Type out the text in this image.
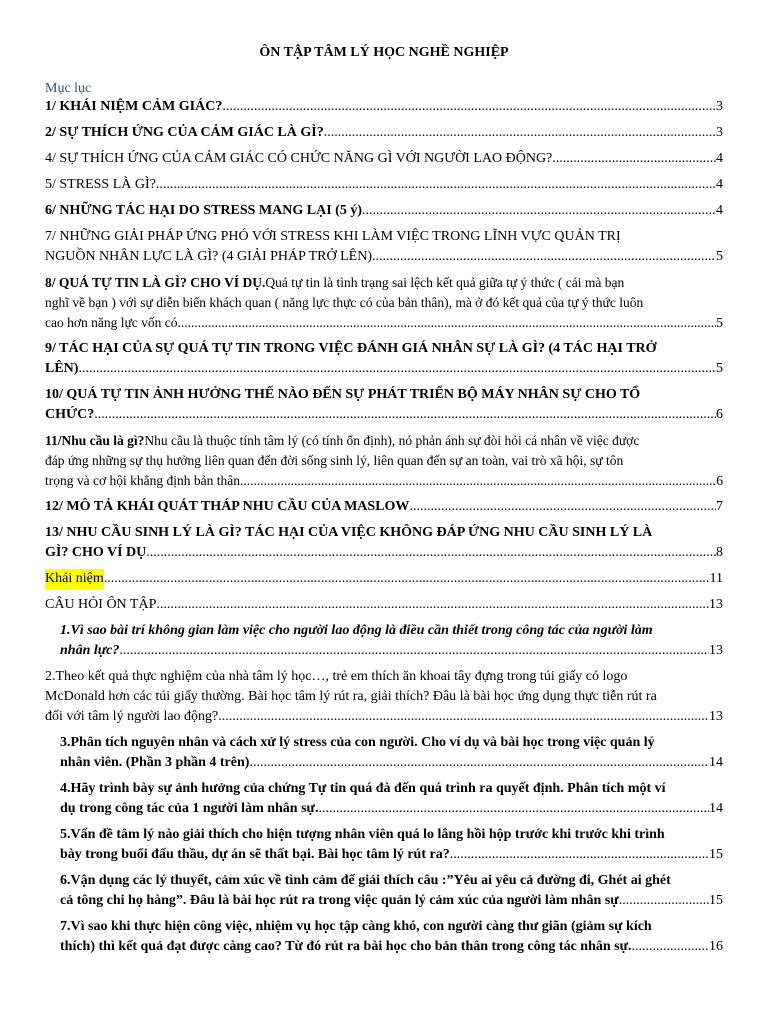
ÔN TẬP TÂM LÝ HỌC NGHỀ NGHIỆP
Mục lục
1/ KHÁI NIỆM CẢM GIÁC? .....	3
2/ SỰ THÍCH ỨNG CỦA CẢM GIÁC LÀ GÌ? .....	3
4/ SỰ THÍCH ỨNG CỦA CẢM GIÁC CÓ CHỨC NĂNG GÌ VỚI NGƯỜI LAO ĐỘNG? .....	4
5/ STRESS LÀ GÌ? .....	4
6/ NHỮNG TÁC HẠI DO STRESS MANG LẠI (5 ý) .....	4
7/ NHỮNG GIẢI PHÁP ỨNG PHÓ VỚI STRESS KHI LÀM VIỆC TRONG LĨNH VỰC QUẢN TRỊ
NGUỒN NHÂN LỰC LÀ GÌ? (4 GIẢI PHÁP TRỞ LÊN) .....	5
8/ QUÁ TỰ TIN LÀ GÌ? CHO VÍ DỤ. Quá tự tin là tình trạng sai lệch kết quả giữa tự ý thức ( cái mà bạn
nghĩ về bạn ) với sự diễn biến khách quan ( năng lực thực có của bản thân), mà ở đó kết quả của tự ý thức luôn
cao hơn năng lực vốn có .....	5
9/ TÁC HẠI CỦA SỰ QUÁ TỰ TIN TRONG VIỆC ĐÁNH GIÁ NHÂN SỰ LÀ GÌ? (4 TÁC HẠI TRỞ
LÊN) .....	5
10/ QUÁ TỰ TIN ẢNH HƯỞNG THẾ NÀO ĐẾN SỰ PHÁT TRIỂN BỘ MÁY NHÂN SỰ CHO TỔ
CHỨC? .....	6
11/Nhu cầu là gì? Nhu cầu là thuộc tính tâm lý (có tính ổn định), nó phản ánh sự đòi hỏi cá nhân về việc được
đáp ứng những sự thụ hưởng liên quan đến đời sống sinh lý, liên quan đến sự an toàn, vai trò xã hội, sự tôn
trọng và cơ hội khẳng định bản thân .....	6
12/ MÔ TẢ KHÁI QUÁT THÁP NHU CẦU CỦA MASLOW .....	7
13/ NHU CẦU SINH LÝ LÀ GÌ? TÁC HẠI CỦA VIỆC KHÔNG ĐÁP ỨNG NHU CẦU SINH LÝ LÀ
GÌ? CHO VÍ DỤ .....	8
Khái niệm .....	11
CÂU HỎI ÔN TẬP .....	13
1.Vì sao bài trí không gian làm việc cho người lao động là điều cần thiết trong công tác của người làm
nhân lực? .....	13
2.Theo kết quả thực nghiệm của nhà tâm lý học…, trẻ em thích ăn khoai tây đựng trong túi giấy có logo
McDonald hơn các túi giấy thường. Bài học tâm lý rút ra, giải thích? Đâu là bài học ứng dụng thực tiễn rút ra
đối với tâm lý người lao động? .....	13
3.Phân tích nguyên nhân và cách xử lý stress của con người. Cho ví dụ và bài học trong việc quản lý
nhân viên. (Phần 3 phần 4 trên) .....	14
4.Hãy trình bày sự ảnh hưởng của chứng Tự tin quá đà đến quá trình ra quyết định. Phân tích một ví
dụ trong công tác của 1 người làm nhân sự. .....	14
5.Vấn đề tâm lý nào giải thích cho hiện tượng nhân viên quá lo lắng hồi hộp trước khi trước khi trình
bày trong buổi đấu thầu, dự án sẽ thất bại. Bài học tâm lý rút ra? .....	15
6.Vận dụng các lý thuyết, cảm xúc về tình cảm để giải thích câu :”Yêu ai yêu cả đường đi, Ghét ai ghét
cả tông chi họ hàng”. Đâu là bài học rút ra trong việc quản lý cảm xúc của người làm nhân sự .....	15
7.Vì sao khi thực hiện công việc, nhiệm vụ học tập càng khó, con người càng thư giãn (giảm sự kích
thích) thì kết quả đạt được càng cao? Từ đó rút ra bài học cho bản thân trong công tác nhân sự. .....	16
